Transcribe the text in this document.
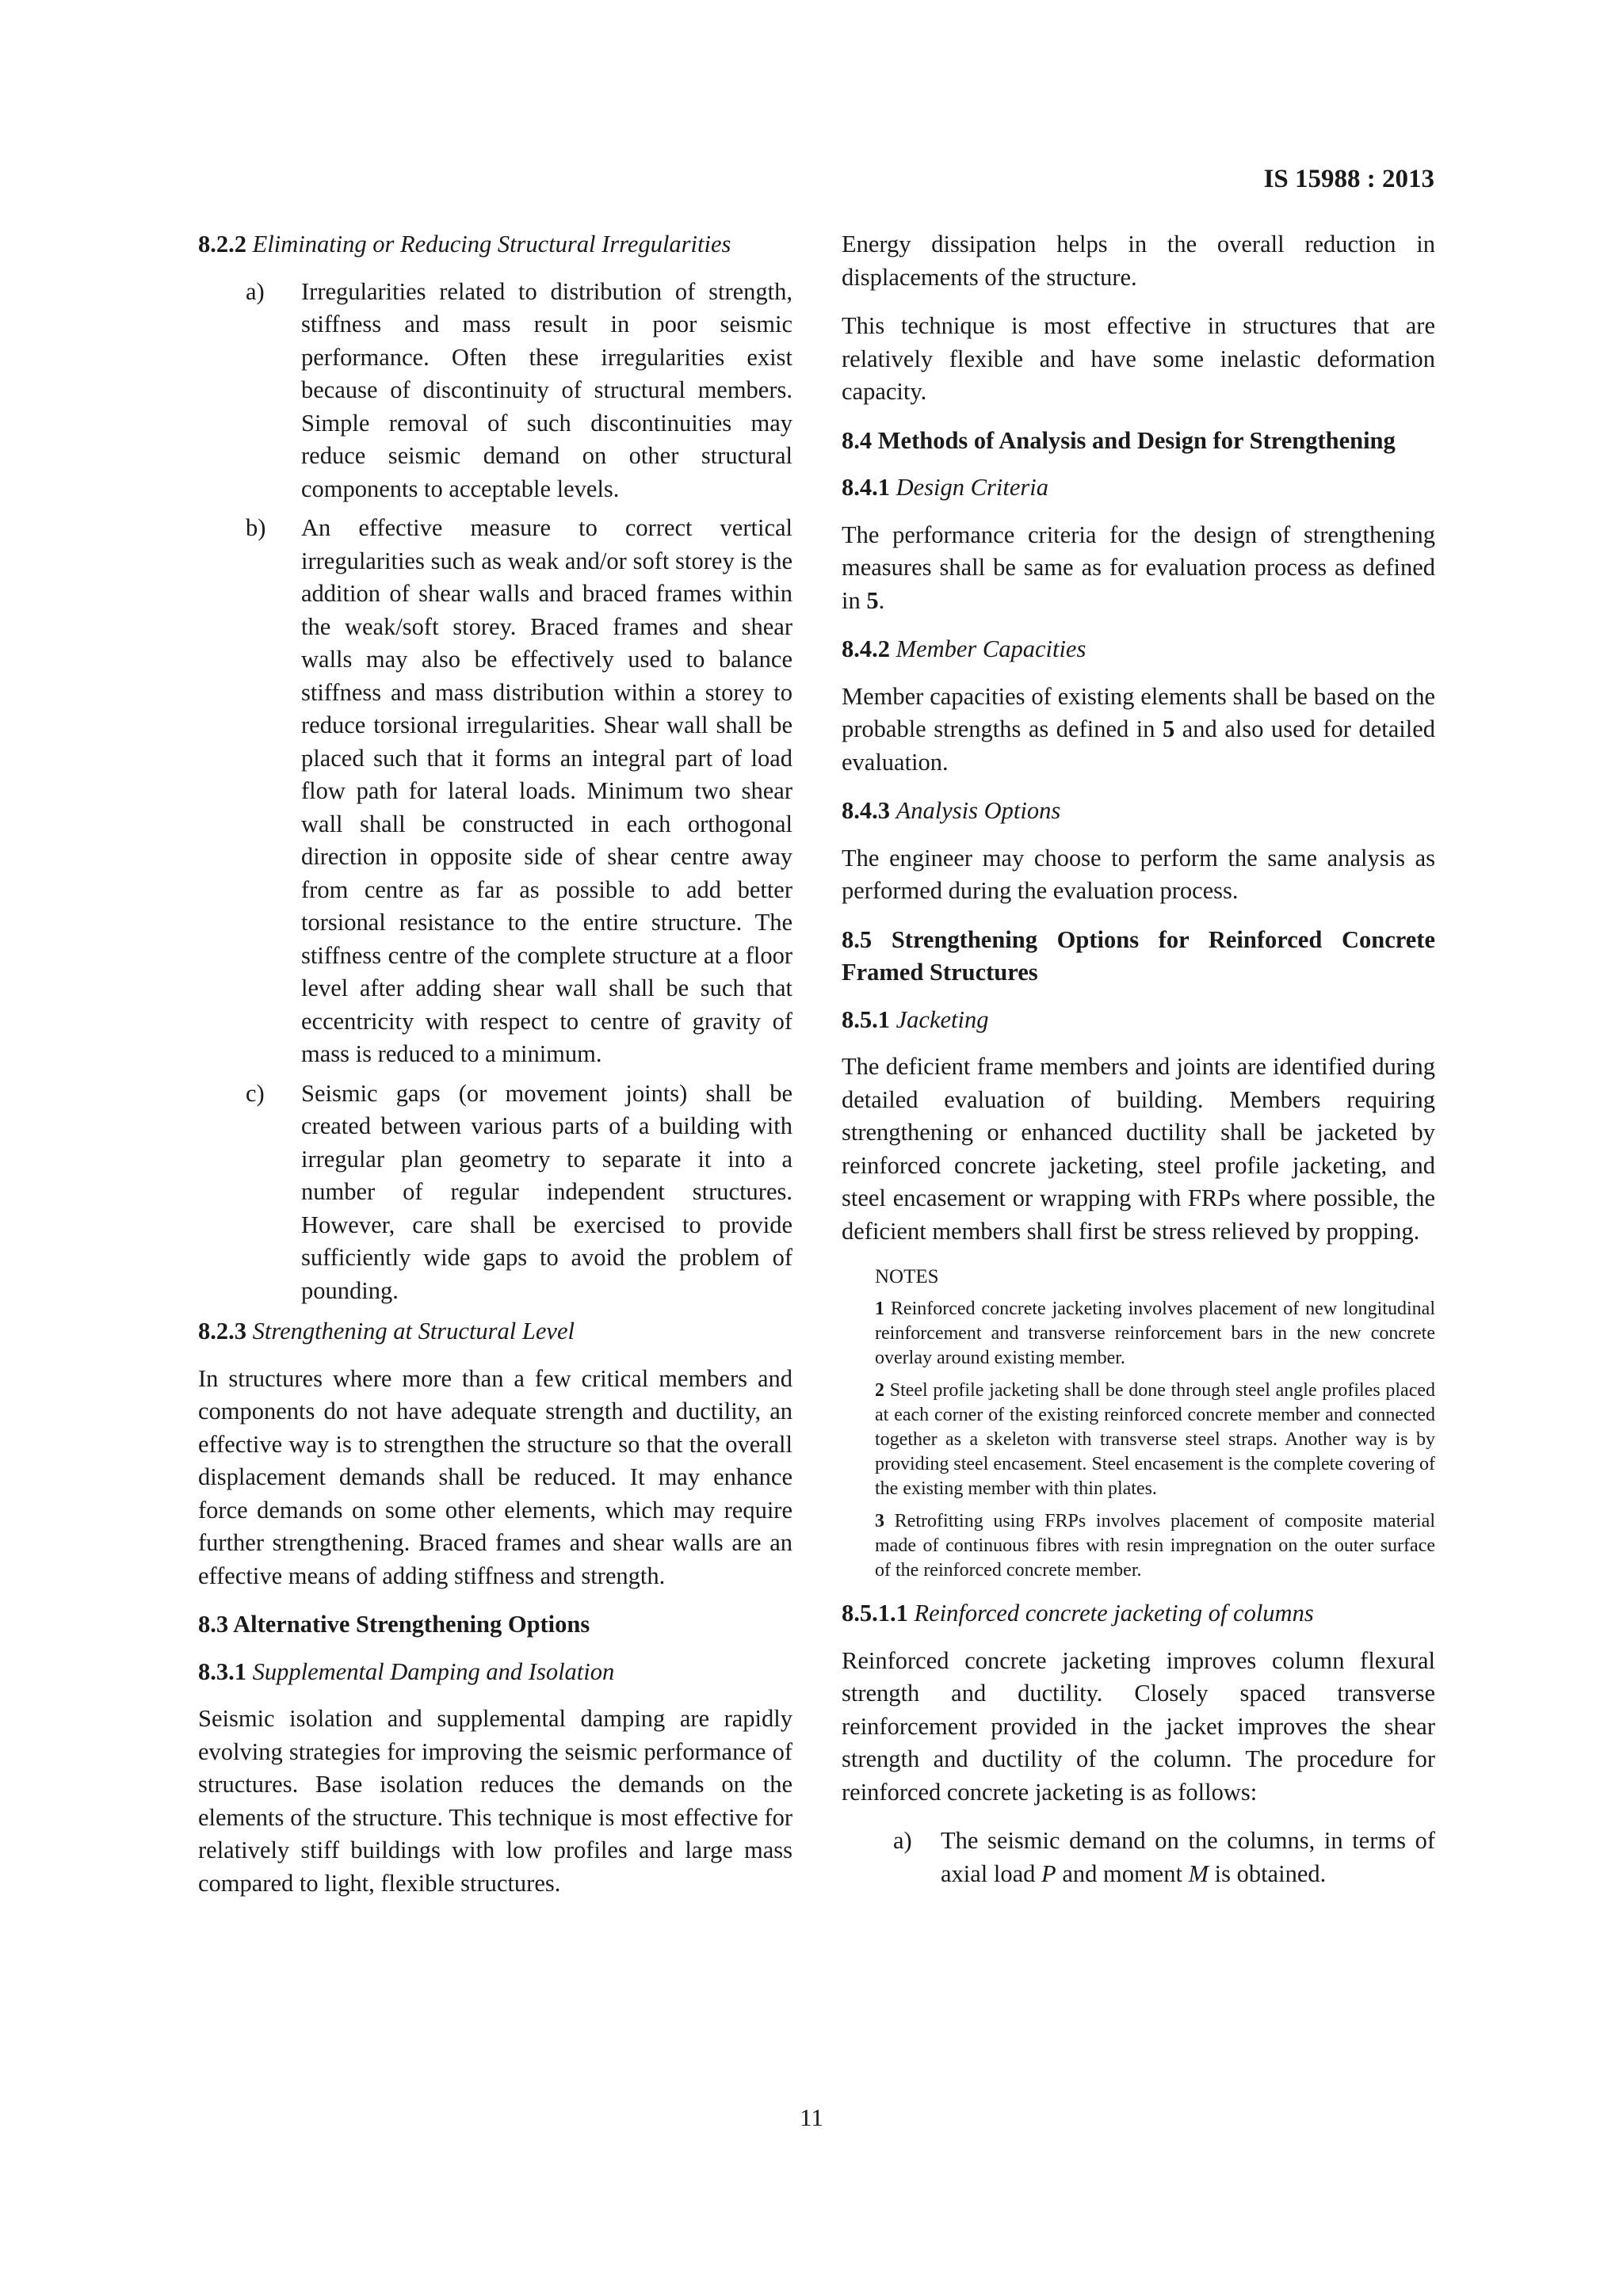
IS 15988 : 2013
8.2.2 Eliminating or Reducing Structural Irregularities
a)	Irregularities related to distribution of strength, stiffness and mass result in poor seismic performance. Often these irregularities exist because of discontinuity of structural members. Simple removal of such discontinuities may reduce seismic demand on other structural components to acceptable levels.
b)	An effective measure to correct vertical irregularities such as weak and/or soft storey is the addition of shear walls and braced frames within the weak/soft storey. Braced frames and shear walls may also be effectively used to balance stiffness and mass distribution within a storey to reduce torsional irregularities. Shear wall shall be placed such that it forms an integral part of load flow path for lateral loads. Minimum two shear wall shall be constructed in each orthogonal direction in opposite side of shear centre away from centre as far as possible to add better torsional resistance to the entire structure. The stiffness centre of the complete structure at a floor level after adding shear wall shall be such that eccentricity with respect to centre of gravity of mass is reduced to a minimum.
c)	Seismic gaps (or movement joints) shall be created between various parts of a building with irregular plan geometry to separate it into a number of regular independent structures. However, care shall be exercised to provide sufficiently wide gaps to avoid the problem of pounding.
8.2.3 Strengthening at Structural Level

In structures where more than a few critical members and components do not have adequate strength and ductility, an effective way is to strengthen the structure so that the overall displacement demands shall be reduced. It may enhance force demands on some other elements, which may require further strengthening. Braced frames and shear walls are an effective means of adding stiffness and strength.

8.3 Alternative Strengthening Options
8.3.1 Supplemental Damping and Isolation

Seismic isolation and supplemental damping are rapidly evolving strategies for improving the seismic performance of structures. Base isolation reduces the demands on the elements of the structure. This technique is most effective for relatively stiff buildings with low profiles and large mass compared to light, flexible structures.

Energy dissipation helps in the overall reduction in displacements of the structure.

This technique is most effective in structures that are relatively flexible and have some inelastic deformation capacity.

8.4 Methods of Analysis and Design for Strengthening
8.4.1 Design Criteria

The performance criteria for the design of strengthening measures shall be same as for evaluation process as defined in 5.

8.4.2 Member Capacities

Member capacities of existing elements shall be based on the probable strengths as defined in 5 and also used for detailed evaluation.

8.4.3 Analysis Options

The engineer may choose to perform the same analysis as performed during the evaluation process.

8.5 Strengthening Options for Reinforced Concrete Framed Structures
8.5.1 Jacketing

The deficient frame members and joints are identified during detailed evaluation of building. Members requiring strengthening or enhanced ductility shall be jacketed by reinforced concrete jacketing, steel profile jacketing, and steel encasement or wrapping with FRPs where possible, the deficient members shall first be stress relieved by propping.

NOTES
1 Reinforced concrete jacketing involves placement of new longitudinal reinforcement and transverse reinforcement bars in the new concrete overlay around existing member.
2 Steel profile jacketing shall be done through steel angle profiles placed at each corner of the existing reinforced concrete member and connected together as a skeleton with transverse steel straps. Another way is by providing steel encasement. Steel encasement is the complete covering of the existing member with thin plates.
3 Retrofitting using FRPs involves placement of composite material made of continuous fibres with resin impregnation on the outer surface of the reinforced concrete member.
8.5.1.1 Reinforced concrete jacketing of columns

Reinforced concrete jacketing improves column flexural strength and ductility. Closely spaced transverse reinforcement provided in the jacket improves the shear strength and ductility of the column. The procedure for reinforced concrete jacketing is as follows:

a)	The seismic demand on the columns, in terms of axial load P and moment M is obtained.
11
